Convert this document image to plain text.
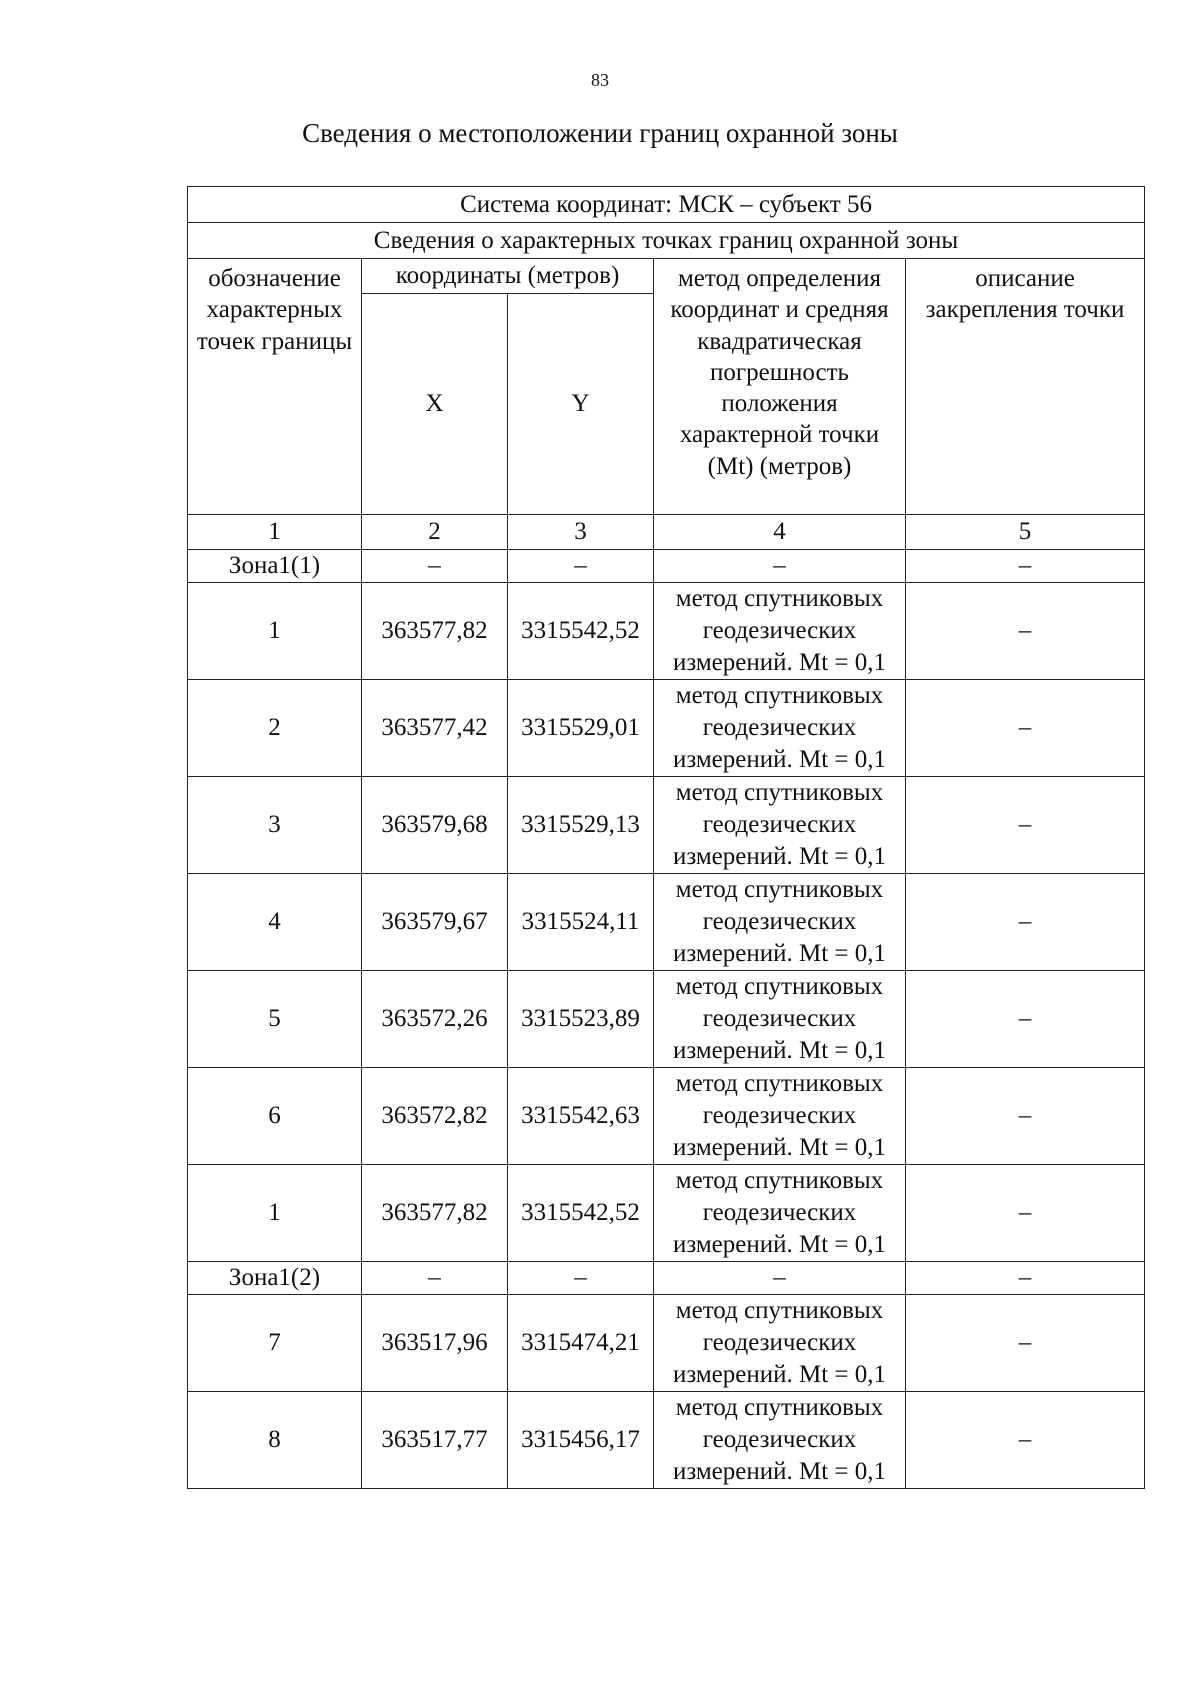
83
Сведения о местоположении границ охранной зоны
Система координат: МСК – субъект 56				
Сведения о характерных точках границ охранной зоны				
обозначение характерных точек границы	координаты (метров)		метод определения координат и средняя квадратическая погрешность положения характерной точки (Mt) (метров)	описание закрепления точки
	X	Y		
1	2	3	4	5
Зона1(1)	–	–	–	–
1	363577,82	3315542,52	метод спутниковых геодезических измерений. Mt = 0,1	–
2	363577,42	3315529,01	метод спутниковых геодезических измерений. Mt = 0,1	–
3	363579,68	3315529,13	метод спутниковых геодезических измерений. Mt = 0,1	–
4	363579,67	3315524,11	метод спутниковых геодезических измерений. Mt = 0,1	–
5	363572,26	3315523,89	метод спутниковых геодезических измерений. Mt = 0,1	–
6	363572,82	3315542,63	метод спутниковых геодезических измерений. Mt = 0,1	–
1	363577,82	3315542,52	метод спутниковых геодезических измерений. Mt = 0,1	–
Зона1(2)	–	–	–	–
7	363517,96	3315474,21	метод спутниковых геодезических измерений. Mt = 0,1	–
8	363517,77	3315456,17	метод спутниковых геодезических измерений. Mt = 0,1	–
